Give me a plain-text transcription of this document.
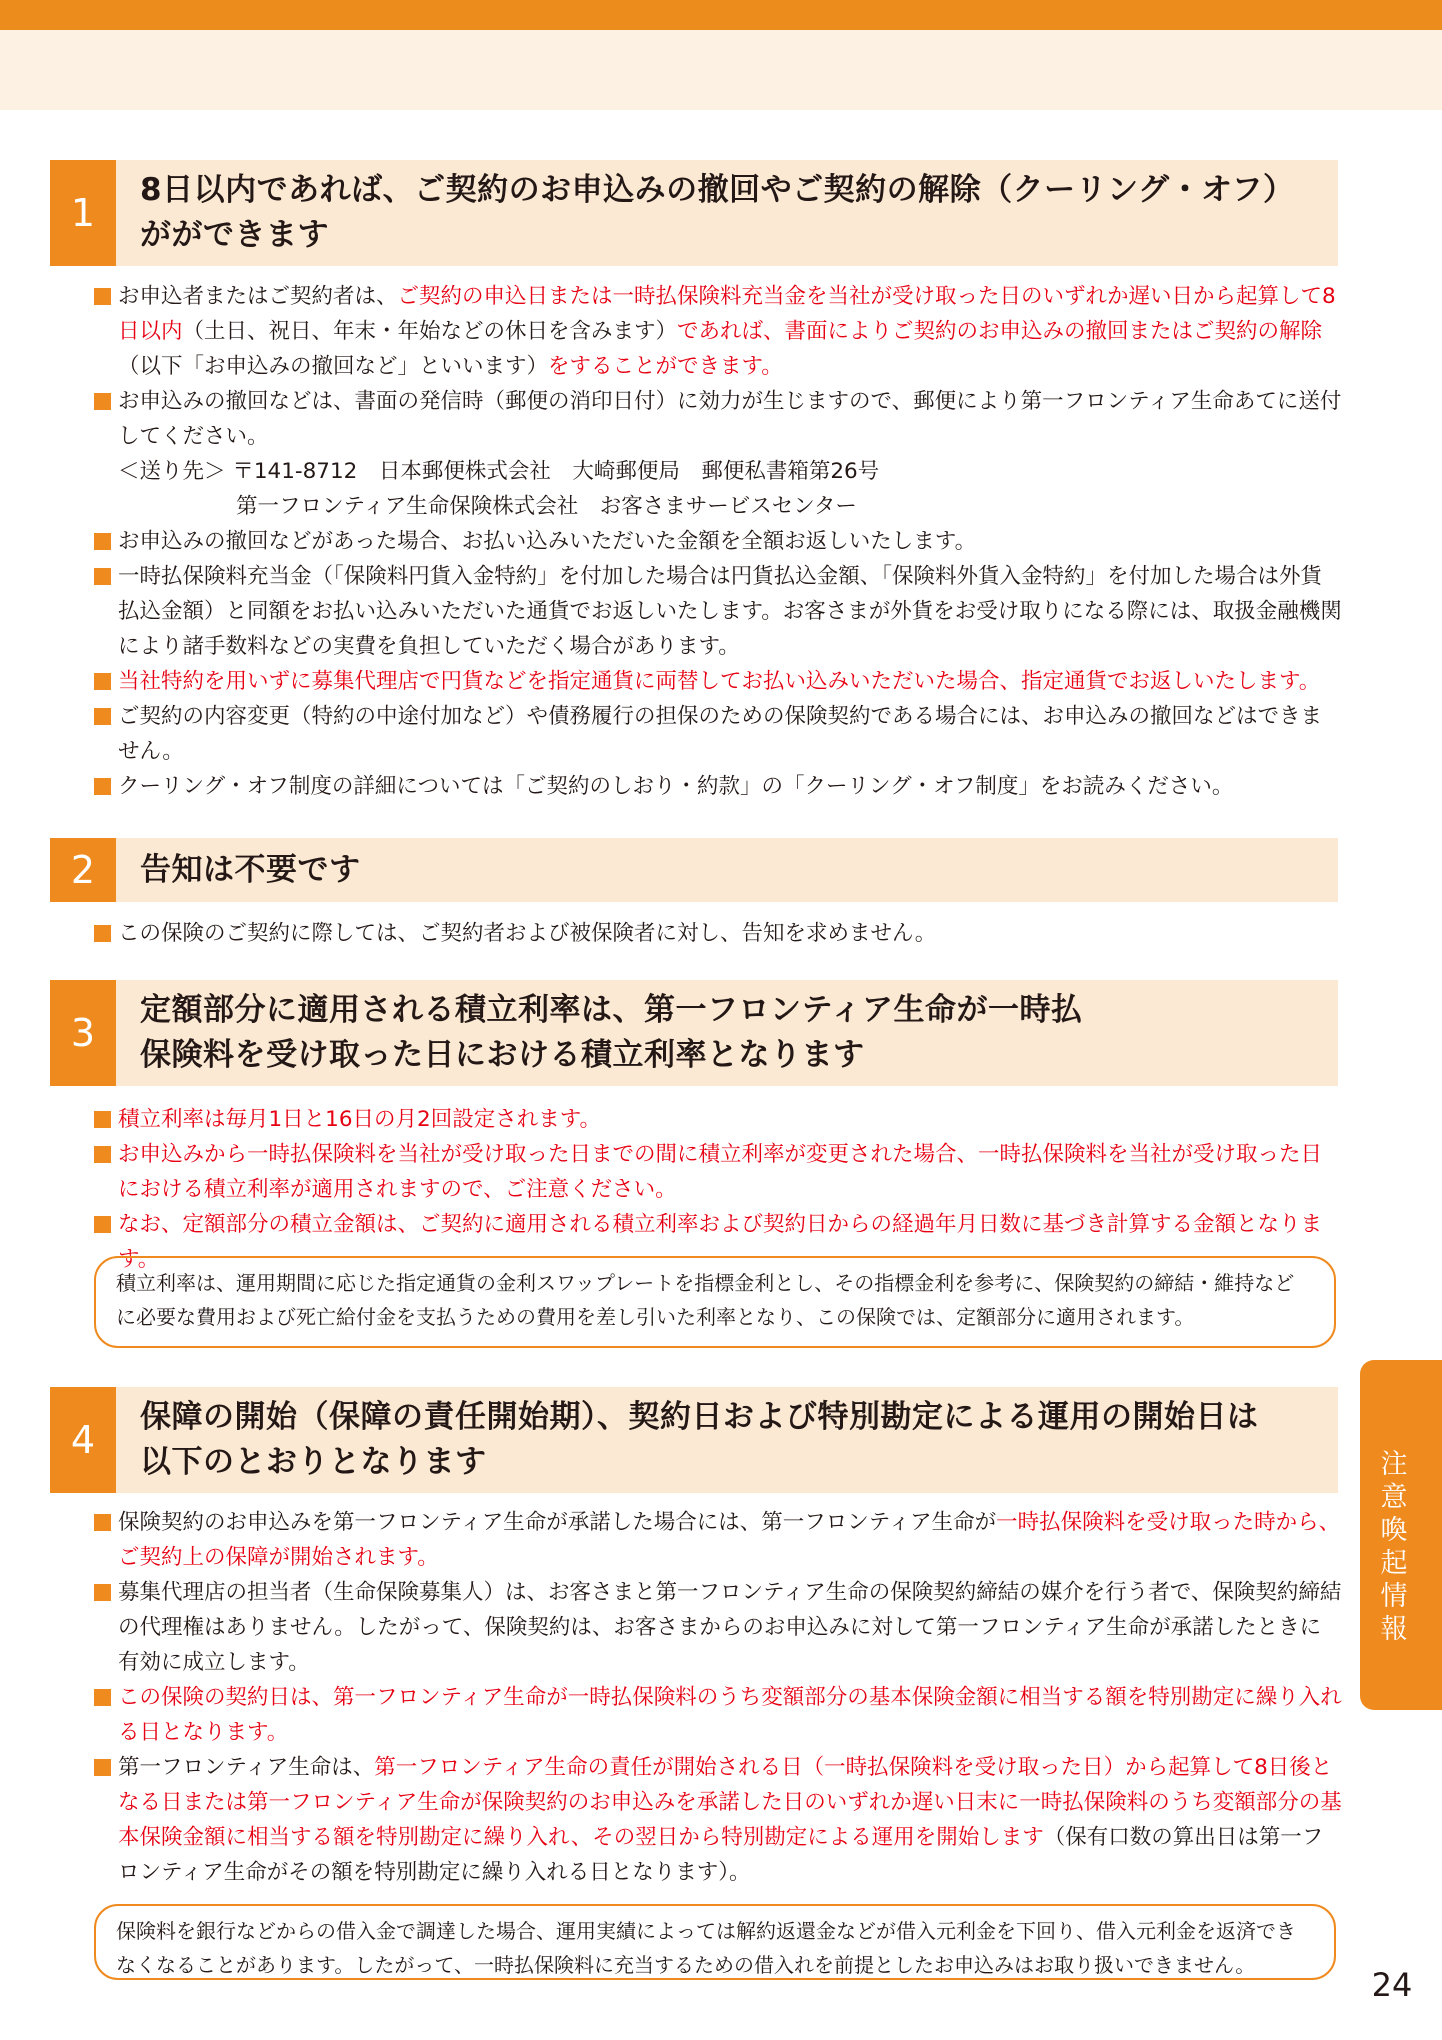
1
8日以内であれば、ご契約のお申込みの撤回やご契約の解除（クーリング・オフ）がができます
お申込者またはご契約者は、ご契約の申込日または一時払保険料充当金を当社が受け取った日のいずれか遅い日から起算して8日以内（土日、祝日、年末・年始などの休日を含みます）であれば、書面によりご契約のお申込みの撤回またはご契約の解除（以下「お申込みの撤回など」といいます）をすることができます。
お申込みの撤回などは、書面の発信時（郵便の消印日付）に効力が生じますので、郵便により第一フロンティア生命あてに送付してください。
＜送り先＞ 〒141-8712　日本郵便株式会社　大崎郵便局　郵便私書箱第26号
第一フロンティア生命保険株式会社　お客さまサービスセンター
お申込みの撤回などがあった場合、お払い込みいただいた金額を全額お返しいたします。
一時払保険料充当金（「保険料円貨入金特約」を付加した場合は円貨払込金額、「保険料外貨入金特約」を付加した場合は外貨払込金額）と同額をお払い込みいただいた通貨でお返しいたします。お客さまが外貨をお受け取りになる際には、取扱金融機関により諸手数料などの実費を負担していただく場合があります。
当社特約を用いずに募集代理店で円貨などを指定通貨に両替してお払い込みいただいた場合、指定通貨でお返しいたします。
ご契約の内容変更（特約の中途付加など）や債務履行の担保のための保険契約である場合には、お申込みの撤回などはできません。
クーリング・オフ制度の詳細については「ご契約のしおり・約款」の「クーリング・オフ制度」をお読みください。
2	告知は不要です
この保険のご契約に際しては、ご契約者および被保険者に対し、告知を求めません。
3
定額部分に適用される積立利率は、第一フロンティア生命が一時払保険料を受け取った日における積立利率となります
積立利率は毎月1日と16日の月2回設定されます。
お申込みから一時払保険料を当社が受け取った日までの間に積立利率が変更された場合、一時払保険料を当社が受け取った日における積立利率が適用されますので、ご注意ください。
なお、定額部分の積立金額は、ご契約に適用される積立利率および契約日からの経過年月日数に基づき計算する金額となります。
積立利率は、運用期間に応じた指定通貨の金利スワップレートを指標金利とし、その指標金利を参考に、保険契約の締結・維持などに必要な費用および死亡給付金を支払うための費用を差し引いた利率となり、この保険では、定額部分に適用されます。
4
保障の開始（保障の責任開始期）、契約日および特別勘定による運用の開始日は以下のとおりとなります
保険契約のお申込みを第一フロンティア生命が承諾した場合には、第一フロンティア生命が一時払保険料を受け取った時から、ご契約上の保障が開始されます。
募集代理店の担当者（生命保険募集人）は、お客さまと第一フロンティア生命の保険契約締結の媒介を行う者で、保険契約締結の代理権はありません。したがって、保険契約は、お客さまからのお申込みに対して第一フロンティア生命が承諾したときに有効に成立します。
この保険の契約日は、第一フロンティア生命が一時払保険料のうち変額部分の基本保険金額に相当する額を特別勘定に繰り入れる日となります。
第一フロンティア生命は、第一フロンティア生命の責任が開始される日（一時払保険料を受け取った日）から起算して8日後となる日または第一フロンティア生命が保険契約のお申込みを承諾した日のいずれか遅い日末に一時払保険料のうち変額部分の基本保険金額に相当する額を特別勘定に繰り入れ、その翌日から特別勘定による運用を開始します（保有口数の算出日は第一フロンティア生命がその額を特別勘定に繰り入れる日となります）。
保険料を銀行などからの借入金で調達した場合、運用実績によっては解約返還金などが借入元利金を下回り、借入元利金を返済できなくなることがあります。したがって、一時払保険料に充当するための借入れを前提としたお申込みはお取り扱いできません。
注意喚起情報
24
